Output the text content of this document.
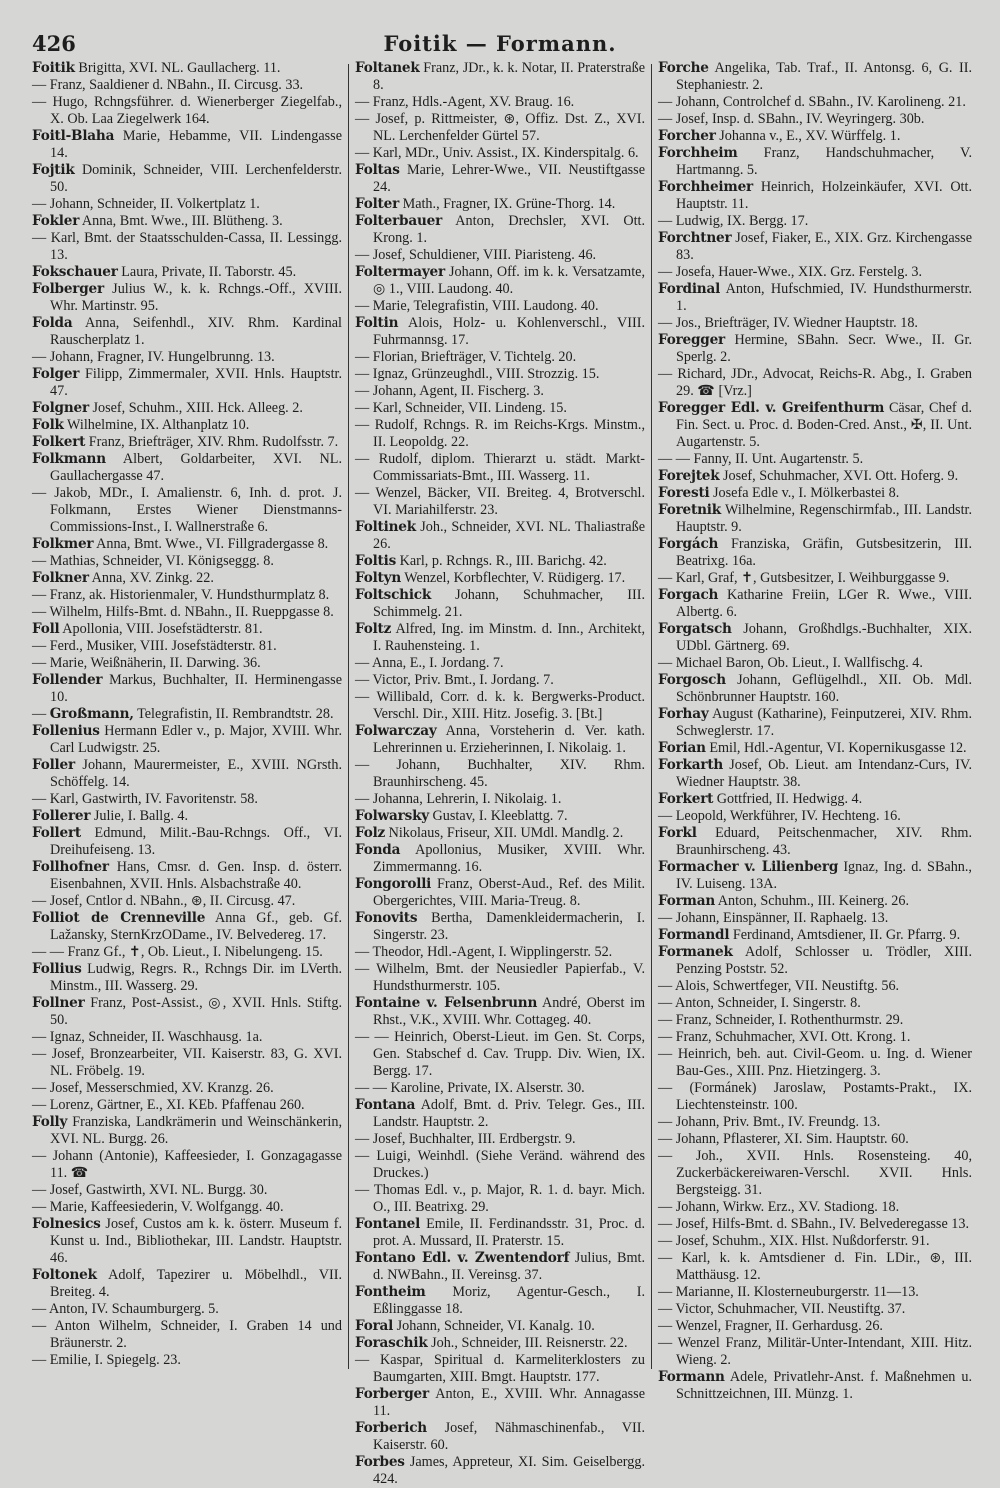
426	Foitik — Formann.
Foitik Brigitta, XVI. NL. Gaullacherg. 11.
— Franz, Saaldiener d. NBahn., II. Circusg. 33.
— Hugo, Rchngsführer. d. Wienerberger Ziegelfab., X. Ob. Laa Ziegelwerk 164.
Foitl-Blaha Marie, Hebamme, VII. Lindengasse 14.
Fojtik Dominik, Schneider, VIII. Lerchenfelderstr. 50.
— Johann, Schneider, II. Volkertplatz 1.
Fokler Anna, Bmt. Wwe., III. Blütheng. 3.
— Karl, Bmt. der Staatsschulden-Cassa, II. Lessingg. 13.
Fokschauer Laura, Private, II. Taborstr. 45.
Folberger Julius W., k. k. Rchngs.-Off., XVIII. Whr. Martinstr. 95.
Folda Anna, Seifenhdl., XIV. Rhm. Kardinal Rauscherplatz 1.
— Johann, Fragner, IV. Hungelbrunng. 13.
Folger Filipp, Zimmermaler, XVII. Hnls. Hauptstr. 47.
Folgner Josef, Schuhm., XIII. Hck. Alleeg. 2.
Folk Wilhelmine, IX. Althanplatz 10.
Folkert Franz, Briefträger, XIV. Rhm. Rudolfsstr. 7.
Folkmann Albert, Goldarbeiter, XVI. NL. Gaullachergasse 47.
— Jakob, MDr., I. Amalienstr. 6, Inh. d. prot. J. Folkmann, Erstes Wiener Dienstmanns-Commissions-Inst., I. Wallnerstraße 6.
Folkmer Anna, Bmt. Wwe., VI. Fillgradergasse 8.
— Mathias, Schneider, VI. Königseggg. 8.
Folkner Anna, XV. Zinkg. 22.
— Franz, ak. Historienmaler, V. Hundsthurmplatz 8.
— Wilhelm, Hilfs-Bmt. d. NBahn., II. Rueppgasse 8.
Foll Apollonia, VIII. Josefstädterstr. 81.
— Ferd., Musiker, VIII. Josefstädterstr. 81.
— Marie, Weißnäherin, II. Darwing. 36.
Follender Markus, Buchhalter, II. Herminengasse 10.
— Großmann, Telegrafistin, II. Rembrandtstr. 28.
Follenius Hermann Edler v., p. Major, XVIII. Whr. Carl Ludwigstr. 25.
Foller Johann, Maurermeister, E., XVIII. NGrsth. Schöffelg. 14.
— Karl, Gastwirth, IV. Favoritenstr. 58.
Follerer Julie, I. Ballg. 4.
Follert Edmund, Milit.-Bau-Rchngs. Off., VI. Dreihufeiseng. 13.
Follhofner Hans, Cmsr. d. Gen. Insp. d. österr. Eisenbahnen, XVII. Hnls. Alsbachstraße 40.
— Josef, Cntlor d. NBahn., ⊛, II. Circusg. 47.
Folliot de Crenneville Anna Gf., geb. Gf. Lažansky, SternKrzODame., IV. Belvedereg. 17.
— — Franz Gf., ✝, Ob. Lieut., I. Nibelungeng. 15.
Follius Ludwig, Regrs. R., Rchngs Dir. im LVerth. Minstm., III. Wasserg. 29.
Follner Franz, Post-Assist., ◎, XVII. Hnls. Stiftg. 50.
— Ignaz, Schneider, II. Waschhausg. 1a.
— Josef, Bronzearbeiter, VII. Kaiserstr. 83, G. XVI. NL. Fröbelg. 19.
— Josef, Messerschmied, XV. Kranzg. 26.
— Lorenz, Gärtner, E., XI. KEb. Pfaffenau 260.
Folly Franziska, Landkrämerin und Weinschänkerin, XVI. NL. Burgg. 26.
— Johann (Antonie), Kaffeesieder, I. Gonzagagasse 11. ☎
— Josef, Gastwirth, XVI. NL. Burgg. 30.
— Marie, Kaffeesiederin, V. Wolfgangg. 40.
Folnesics Josef, Custos am k. k. österr. Museum f. Kunst u. Ind., Bibliothekar, III. Landstr. Hauptstr. 46.
Foltonek Adolf, Tapezirer u. Möbelhdl., VII. Breiteg. 4.
— Anton, IV. Schaumburgerg. 5.
— Anton Wilhelm, Schneider, I. Graben 14 und Bräunerstr. 2.
— Emilie, I. Spiegelg. 23.
Foltanek Franz, JDr., k. k. Notar, II. Praterstraße 8.
— Franz, Hdls.-Agent, XV. Braug. 16.
— Josef, p. Rittmeister, ⊛, Offiz. Dst. Z., XVI. NL. Lerchenfelder Gürtel 57.
— Karl, MDr., Univ. Assist., IX. Kinderspitalg. 6.
Foltas Marie, Lehrer-Wwe., VII. Neustiftgasse 24.
Folter Math., Fragner, IX. Grüne-Thorg. 14.
Folterbauer Anton, Drechsler, XVI. Ott. Krong. 1.
— Josef, Schuldiener, VIII. Piaristeng. 46.
Foltermayer Johann, Off. im k. k. Versatzamte, ◎ 1., VIII. Laudong. 40.
— Marie, Telegrafistin, VIII. Laudong. 40.
Foltin Alois, Holz- u. Kohlenverschl., VIII. Fuhrmannsg. 17.
— Florian, Briefträger, V. Tichtelg. 20.
— Ignaz, Grünzeughdl., VIII. Strozzig. 15.
— Johann, Agent, II. Fischerg. 3.
— Karl, Schneider, VII. Lindeng. 15.
— Rudolf, Rchngs. R. im Reichs-Krgs. Minstm., II. Leopoldg. 22.
— Rudolf, diplom. Thierarzt u. städt. Markt-Commissariats-Bmt., III. Wasserg. 11.
— Wenzel, Bäcker, VII. Breiteg. 4, Brotverschl. VI. Mariahilferstr. 23.
Foltinek Joh., Schneider, XVI. NL. Thaliastraße 26.
Foltis Karl, p. Rchngs. R., III. Barichg. 42.
Foltyn Wenzel, Korbflechter, V. Rüdigerg. 17.
Foltschick Johann, Schuhmacher, III. Schimmelg. 21.
Foltz Alfred, Ing. im Minstm. d. Inn., Architekt, I. Rauhensteing. 1.
— Anna, E., I. Jordang. 7.
— Victor, Priv. Bmt., I. Jordang. 7.
— Willibald, Corr. d. k. k. Bergwerks-Product. Verschl. Dir., XIII. Hitz. Josefig. 3. [Bt.]
Folwarczay Anna, Vorsteherin d. Ver. kath. Lehrerinnen u. Erzieherinnen, I. Nikolaig. 1.
— Johann, Buchhalter, XIV. Rhm. Braunhirscheng. 45.
— Johanna, Lehrerin, I. Nikolaig. 1.
Folwarsky Gustav, I. Kleeblattg. 7.
Folz Nikolaus, Friseur, XII. UMdl. Mandlg. 2.
Fonda Apollonius, Musiker, XVIII. Whr. Zimmermanng. 16.
Fongorolli Franz, Oberst-Aud., Ref. des Milit. Obergerichtes, VIII. Maria-Treug. 8.
Fonovits Bertha, Damenkleidermacherin, I. Singerstr. 23.
— Theodor, Hdl.-Agent, I. Wipplingerstr. 52.
— Wilhelm, Bmt. der Neusiedler Papierfab., V. Hundsthurmerstr. 105.
Fontaine v. Felsenbrunn André, Oberst im Rhst., V.K., XVIII. Whr. Cottageg. 40.
— — Heinrich, Oberst-Lieut. im Gen. St. Corps, Gen. Stabschef d. Cav. Trupp. Div. Wien, IX. Bergg. 17.
— — Karoline, Private, IX. Alserstr. 30.
Fontana Adolf, Bmt. d. Priv. Telegr. Ges., III. Landstr. Hauptstr. 2.
— Josef, Buchhalter, III. Erdbergstr. 9.
— Luigi, Weinhdl. (Siehe Veränd. während des Druckes.)
— Thomas Edl. v., p. Major, R. 1. d. bayr. Mich. O., III. Beatrixg. 29.
Fontanel Emile, II. Ferdinandsstr. 31, Proc. d. prot. A. Mussard, II. Praterstr. 15.
Fontano Edl. v. Zwentendorf Julius, Bmt. d. NWBahn., II. Vereinsg. 37.
Fontheim Moriz, Agentur-Gesch., I. Eßlinggasse 18.
Foral Johann, Schneider, VI. Kanalg. 10.
Foraschik Joh., Schneider, III. Reisnerstr. 22.
— Kaspar, Spiritual d. Karmeliterklosters zu Baumgarten, XIII. Bmgt. Hauptstr. 177.
Forberger Anton, E., XVIII. Whr. Annagasse 11.
Forberich Josef, Nähmaschinenfab., VII. Kaiserstr. 60.
Forbes James, Appreteur, XI. Sim. Geiselbergg. 424.
Forche Angelika, Tab. Traf., II. Antonsg. 6, G. II. Stephaniestr. 2.
— Johann, Controlchef d. SBahn., IV. Karolineng. 21.
— Josef, Insp. d. SBahn., IV. Weyringerg. 30b.
Forcher Johanna v., E., XV. Würffelg. 1.
Forchheim Franz, Handschuhmacher, V. Hartmanng. 5.
Forchheimer Heinrich, Holzeinkäufer, XVI. Ott. Hauptstr. 11.
— Ludwig, IX. Bergg. 17.
Forchtner Josef, Fiaker, E., XIX. Grz. Kirchengasse 83.
— Josefa, Hauer-Wwe., XIX. Grz. Ferstelg. 3.
Fordinal Anton, Hufschmied, IV. Hundsthurmerstr. 1.
— Jos., Briefträger, IV. Wiedner Hauptstr. 18.
Foregger Hermine, SBahn. Secr. Wwe., II. Gr. Sperlg. 2.
— Richard, JDr., Advocat, Reichs-R. Abg., I. Graben 29. ☎ [Vrz.]
Foregger Edl. v. Greifenthurm Cäsar, Chef d. Fin. Sect. u. Proc. d. Boden-Cred. Anst., ✠, II. Unt. Augartenstr. 5.
— — Fanny, II. Unt. Augartenstr. 5.
Forejtek Josef, Schuhmacher, XVI. Ott. Hoferg. 9.
Foresti Josefa Edle v., I. Mölkerbastei 8.
Foretnik Wilhelmine, Regenschirmfab., III. Landstr. Hauptstr. 9.
Forgách Franziska, Gräfin, Gutsbesitzerin, III. Beatrixg. 16a.
— Karl, Graf, ✝, Gutsbesitzer, I. Weihburggasse 9.
Forgach Katharine Freiin, LGer R. Wwe., VIII. Albertg. 6.
Forgatsch Johann, Großhdlgs.-Buchhalter, XIX. UDbl. Gärtnerg. 69.
— Michael Baron, Ob. Lieut., I. Wallfischg. 4.
Forgosch Johann, Geflügelhdl., XII. Ob. Mdl. Schönbrunner Hauptstr. 160.
Forhay August (Katharine), Feinputzerei, XIV. Rhm. Schweglerstr. 17.
Forian Emil, Hdl.-Agentur, VI. Kopernikusgasse 12.
Forkarth Josef, Ob. Lieut. am Intendanz-Curs, IV. Wiedner Hauptstr. 38.
Forkert Gottfried, II. Hedwigg. 4.
— Leopold, Werkführer, IV. Hechteng. 16.
Forkl Eduard, Peitschenmacher, XIV. Rhm. Braunhirscheng. 43.
Formacher v. Lilienberg Ignaz, Ing. d. SBahn., IV. Luiseng. 13A.
Forman Anton, Schuhm., III. Keinerg. 26.
— Johann, Einspänner, II. Raphaelg. 13.
Formandl Ferdinand, Amtsdiener, II. Gr. Pfarrg. 9.
Formanek Adolf, Schlosser u. Trödler, XIII. Penzing Poststr. 52.
— Alois, Schwertfeger, VII. Neustiftg. 56.
— Anton, Schneider, I. Singerstr. 8.
— Franz, Schneider, I. Rothenthurmstr. 29.
— Franz, Schuhmacher, XVI. Ott. Krong. 1.
— Heinrich, beh. aut. Civil-Geom. u. Ing. d. Wiener Bau-Ges., XIII. Pnz. Hietzingerg. 3.
— (Formánek) Jaroslaw, Postamts-Prakt., IX. Liechtensteinstr. 100.
— Johann, Priv. Bmt., IV. Freundg. 13.
— Johann, Pflasterer, XI. Sim. Hauptstr. 60.
— Joh., XVII. Hnls. Rosensteing. 40, Zuckerbäckereiwaren-Verschl. XVII. Hnls. Bergsteigg. 31.
— Johann, Wirkw. Erz., XV. Stadiong. 18.
— Josef, Hilfs-Bmt. d. SBahn., IV. Belvederegasse 13.
— Josef, Schuhm., XIX. Hlst. Nußdorferstr. 91.
— Karl, k. k. Amtsdiener d. Fin. LDir., ⊛, III. Matthäusg. 12.
— Marianne, II. Klosterneuburgerstr. 11—13.
— Victor, Schuhmacher, VII. Neustiftg. 37.
— Wenzel, Fragner, II. Gerhardusg. 26.
— Wenzel Franz, Militär-Unter-Intendant, XIII. Hitz. Wieng. 2.
Formann Adele, Privatlehr-Anst. f. Maßnehmen u. Schnittzeichnen, III. Münzg. 1.
